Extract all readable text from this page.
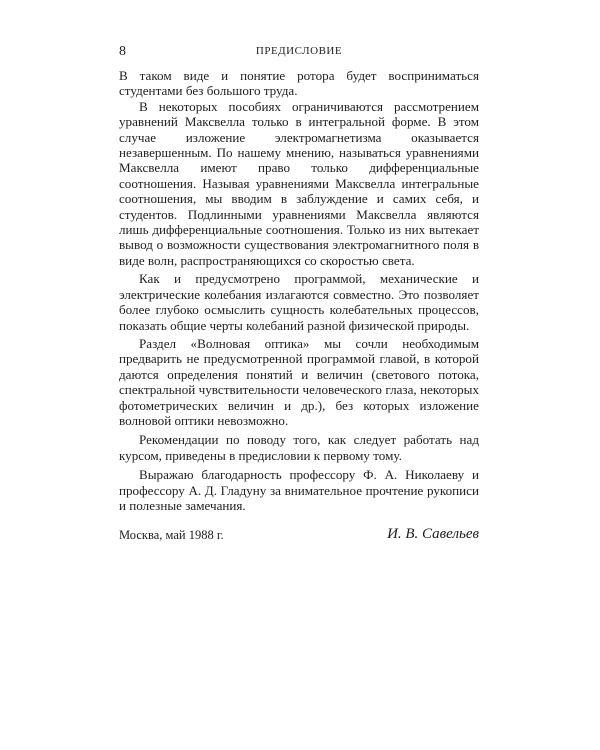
8	ПРЕДИСЛОВИЕ

В таком виде и понятие ротора будет восприниматься студентами без большого труда.

В некоторых пособиях ограничиваются рассмотрением уравнений Максвелла только в интегральной форме. В этом случае изложение электромагнетизма оказывается незавершенным. По нашему мнению, называться уравнениями Максвелла имеют право только дифференциальные соотношения. Называя уравнениями Максвелла интегральные соотношения, мы вводим в заблуждение и самих себя, и студентов. Подлинными уравнениями Максвелла являются лишь дифференциальные соотношения. Только из них вытекает вывод о возможности существования электромагнитного поля в виде волн, распространяющихся со скоростью света.

Как и предусмотрено программой, механические и электрические колебания излагаются совместно. Это позволяет более глубоко осмыслить сущность колебательных процессов, показать общие черты колебаний разной физической природы.

Раздел «Волновая оптика» мы сочли необходимым предварить не предусмотренной программой главой, в которой даются определения понятий и величин (светового потока, спектральной чувствительности человеческого глаза, некоторых фотометрических величин и др.), без которых изложение волновой оптики невозможно.

Рекомендации по поводу того, как следует работать над курсом, приведены в предисловии к первому тому.

Выражаю благодарность профессору Ф. А. Николаеву и профессору А. Д. Гладуну за внимательное прочтение рукописи и полезные замечания.

Москва, май 1988 г.	И. В. Савельев
